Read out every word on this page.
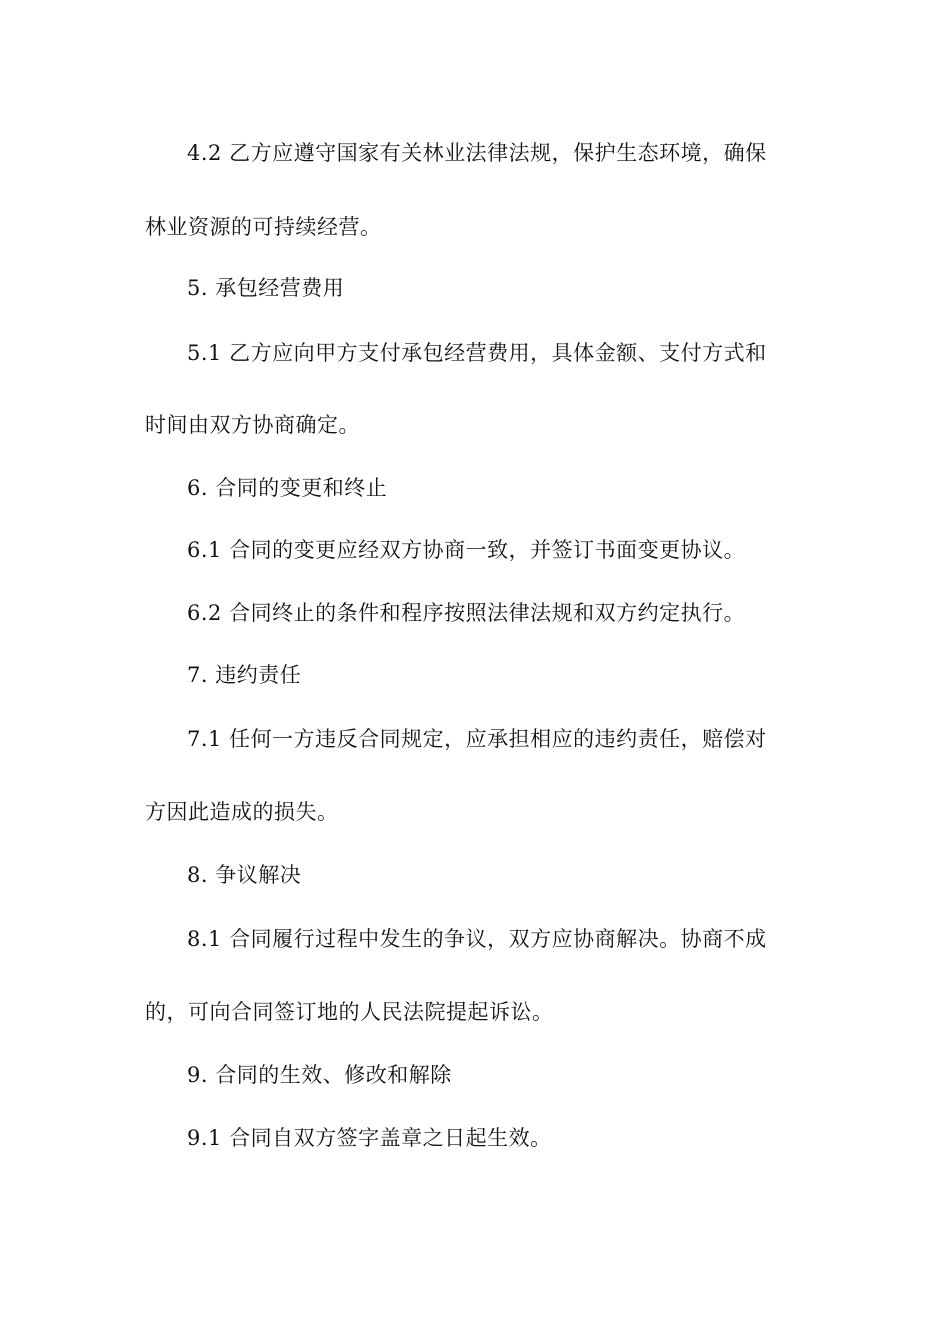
4.2 乙方应遵守国家有关林业法律法规，保护生态环境，确保
林业资源的可持续经营。
5. 承包经营费用
5.1 乙方应向甲方支付承包经营费用，具体金额、支付方式和
时间由双方协商确定。
6. 合同的变更和终止
6.1 合同的变更应经双方协商一致，并签订书面变更协议。
6.2 合同终止的条件和程序按照法律法规和双方约定执行。
7. 违约责任
7.1 任何一方违反合同规定，应承担相应的违约责任，赔偿对
方因此造成的损失。
8. 争议解决
8.1 合同履行过程中发生的争议，双方应协商解决。协商不成
的，可向合同签订地的人民法院提起诉讼。
9. 合同的生效、修改和解除
9.1 合同自双方签字盖章之日起生效。
